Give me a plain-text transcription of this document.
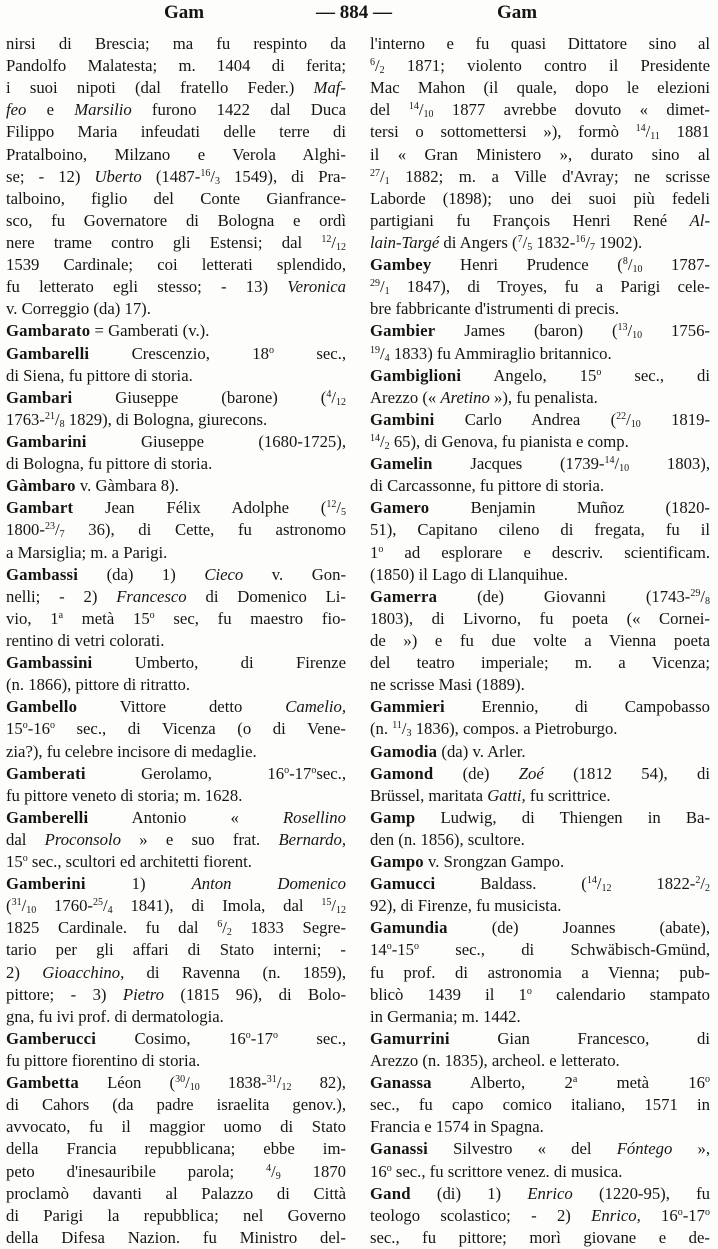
Gam	— 884 —	Gam
nirsi di Brescia; ma fu respinto da
Pandolfo Malatesta; m. 1404 di ferita;
i suoi nipoti (dal fratello Feder.) Maf-
feo e Marsilio furono 1422 dal Duca
Filippo Maria infeudati delle terre di
Pratalboino, Milzano e Verola Alghi-
se; - 12) Uberto ($1487-^{16}/_3$ 1549), di Pra-
talboino, figlio del Conte Gianfrance-
sco, fu Governatore di Bologna e ordì
nere trame contro gli Estensi; dal $^{12}/_{12}$
1539 Cardinale; coi letterati splendido,
fu letterato egli stesso; - 13) Veronica
v. Correggio (da) 17).
Gambarato = Gamberati (v.).
Gambarelli Crescenzio, 18$^o$ sec.,
di Siena, fu pittore di storia.
Gambari Giuseppe (barone) ($^4/_{12}$
$1763-^{21}/_8$ 1829), di Bologna, giurecons.
Gambarini Giuseppe (1680-1725),
di Bologna, fu pittore di storia.
Gàmbaro v. Gàmbara 8).
Gambart Jean Félix Adolphe ($^{12}/_5$
$1800-^{23}/_7$ 36), di Cette, fu astronomo
a Marsiglia; m. a Parigi.
Gambassi (da) 1) Cieco v. Gon-
nelli; - 2) Francesco di Domenico Li-
vio, 1$^a$ metà 15$^o$ sec, fu maestro fio-
rentino di vetri colorati.
Gambassini Umberto, di Firenze
(n. 1866), pittore di ritratto.
Gambello Vittore detto Camelio,
15$^o$-16$^o$ sec., di Vicenza (o di Vene-
zia?), fu celebre incisore di medaglie.
Gamberati Gerolamo, 16$^o$-17$^o$sec.,
fu pittore veneto di storia; m. 1628.
Gamberelli Antonio « Rosellino
dal Proconsolo » e suo frat. Bernardo,
15$^o$ sec., scultori ed architetti fiorent.
Gamberini 1) Anton Domenico
($^{31}/_{10}$ $1760-^{25}/_4$ 1841), di Imola, dal $^{15}/_{12}$
1825 Cardinale. fu dal $^6/_2$ 1833 Segre-
tario per gli affari di Stato interni; -
2) Gioacchino, di Ravenna (n. 1859),
pittore; - 3) Pietro (1815 96), di Bolo-
gna, fu ivi prof. di dermatologia.
Gamberucci Cosimo, 16$^o$-17$^o$ sec.,
fu pittore fiorentino di storia.
Gambetta Léon ($^{30}/_{10}$ $1838-^{31}/_{12}$ 82),
di Cahors (da padre israelita genov.),
avvocato, fu il maggior uomo di Stato
della Francia repubblicana; ebbe im-
peto d'inesauribile parola; $^4/_9$ 1870
proclamò davanti al Palazzo di Città
di Parigi la repubblica; nel Governo
della Difesa Nazion. fu Ministro del-
l'interno e fu quasi Dittatore sino al
$^6/_2$ 1871; violento contro il Presidente
Mac Mahon (il quale, dopo le elezioni
del $^{14}/_{10}$ 1877 avrebbe dovuto « dimet-
tersi o sottomettersi »), formò $^{14}/_{11}$ 1881
il « Gran Ministero », durato sino al
$^{27}/_1$ 1882; m. a Ville d'Avray; ne scrisse
Laborde (1898); uno dei suoi più fedeli
partigiani fu François Henri René Al-
lain-Targé di Angers ($^7/_5$ $1832-^{16}/_7$ 1902).
Gambey Henri Prudence ($^8/_{10}$ 1787-
$^{29}/_1$ 1847), di Troyes, fu a Parigi cele-
bre fabbricante d'istrumenti di precis.
Gambier James (baron) ($^{13}/_{10}$ 1756-
$^{19}/_4$ 1833) fu Ammiraglio britannico.
Gambiglioni Angelo, 15$^o$ sec., di
Arezzo (« Aretino »), fu penalista.
Gambini Carlo Andrea ($^{22}/_{10}$ 1819-
$^{14}/_2$ 65), di Genova, fu pianista e comp.
Gamelin Jacques ($1739-^{14}/_{10}$ 1803),
di Carcassonne, fu pittore di storia.
Gamero Benjamin Muñoz (1820-
51), Capitano cileno di fregata, fu il
1$^o$ ad esplorare e descriv. scientificam.
(1850) il Lago di Llanquihue.
Gamerra (de) Giovanni ($1743-^{29}/_8$
1803), di Livorno, fu poeta (« Cornei-
de ») e fu due volte a Vienna poeta
del teatro imperiale; m. a Vicenza;
ne scrisse Masi (1889).
Gammieri Erennio, di Campobasso
(n. $^{11}/_3$ 1836), compos. a Pietroburgo.
Gamodia (da) v. Arler.
Gamond (de) Zoé (1812 54), di
Brüssel, maritata Gatti, fu scrittrice.
Gamp Ludwig, di Thiengen in Ba-
den (n. 1856), scultore.
Gampo v. Srongzan Gampo.
Gamucci Baldass. ($^{14}/_{12}$ $1822-^2/_2$
92), di Firenze, fu musicista.
Gamundia (de) Joannes (abate),
14$^o$-15$^o$ sec., di Schwäbisch-Gmünd,
fu prof. di astronomia a Vienna; pub-
blicò 1439 il 1$^o$ calendario stampato
in Germania; m. 1442.
Gamurrini Gian Francesco, di
Arezzo (n. 1835), archeol. e letterato.
Ganassa Alberto, 2$^a$ metà 16$^o$
sec., fu capo comico italiano, 1571 in
Francia e 1574 in Spagna.
Ganassi Silvestro « del Fóntego »,
16$^o$ sec., fu scrittore venez. di musica.
Gand (di) 1) Enrico (1220-95), fu
teologo scolastico; - 2) Enrico, 16$^o$-17$^o$
sec., fu pittore; morì giovane e de-
